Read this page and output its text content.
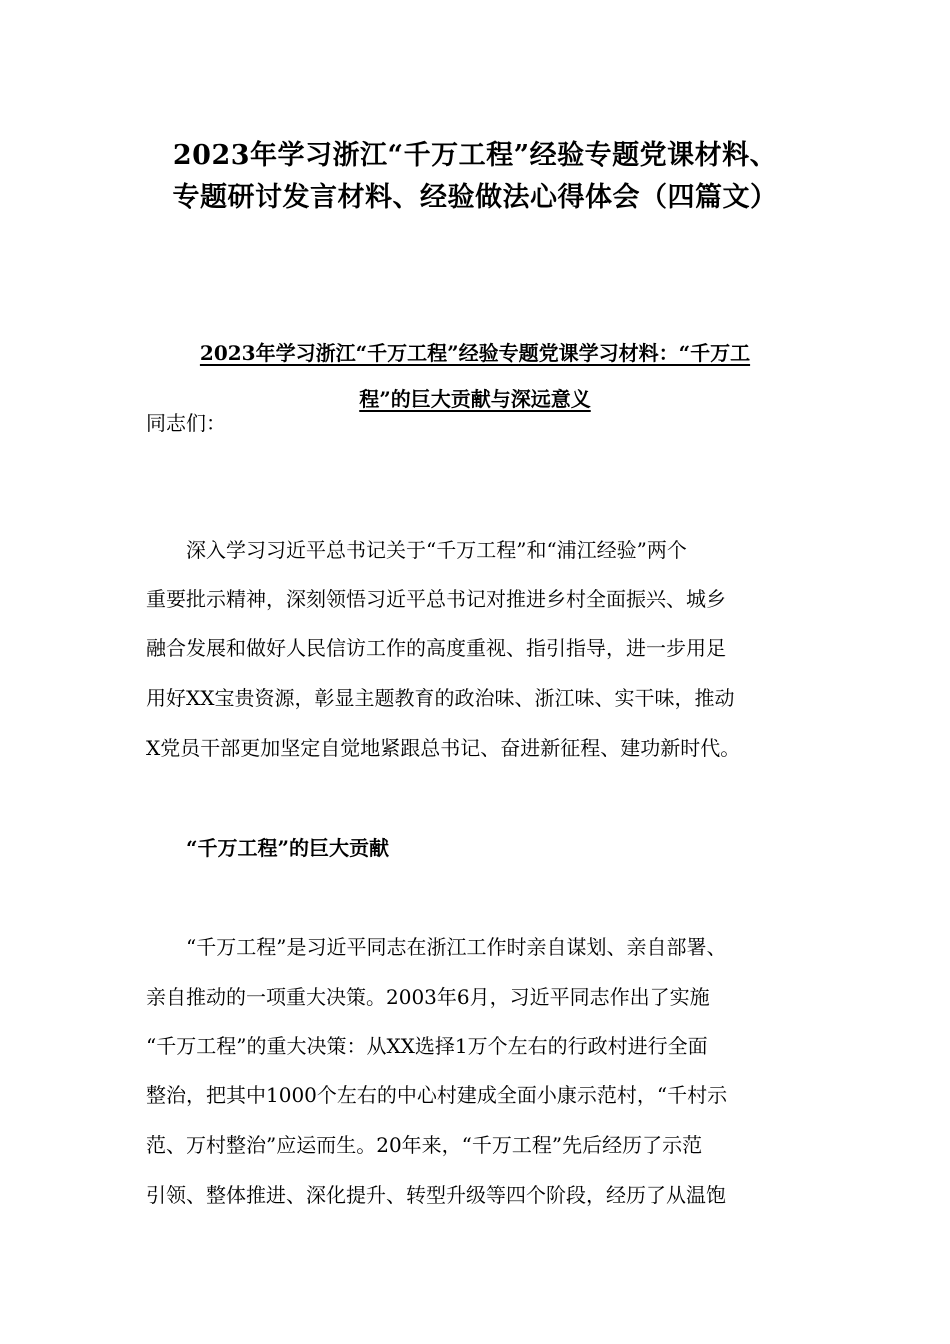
2023年学习浙江“千万工程”经验专题党课材料、
专题研讨发言材料、经验做法心得体会（四篇文）
2023年学习浙江“千万工程”经验专题党课学习材料：“千万工
程”的巨大贡献与深远意义
同志们：
深入学习习近平总书记关于“千万工程”和“浦江经验”两个
重要批示精神，深刻领悟习近平总书记对推进乡村全面振兴、城乡
融合发展和做好人民信访工作的高度重视、指引指导，进一步用足
用好XX宝贵资源，彰显主题教育的政治味、浙江味、实干味，推动
X党员干部更加坚定自觉地紧跟总书记、奋进新征程、建功新时代。
“千万工程”的巨大贡献
“千万工程”是习近平同志在浙江工作时亲自谋划、亲自部署、
亲自推动的一项重大决策。2003年6月，习近平同志作出了实施
“千万工程”的重大决策：从XX选择1万个左右的行政村进行全面
整治，把其中1000个左右的中心村建成全面小康示范村，“千村示
范、万村整治”应运而生。20年来，“千万工程”先后经历了示范
引领、整体推进、深化提升、转型升级等四个阶段，经历了从温饱
